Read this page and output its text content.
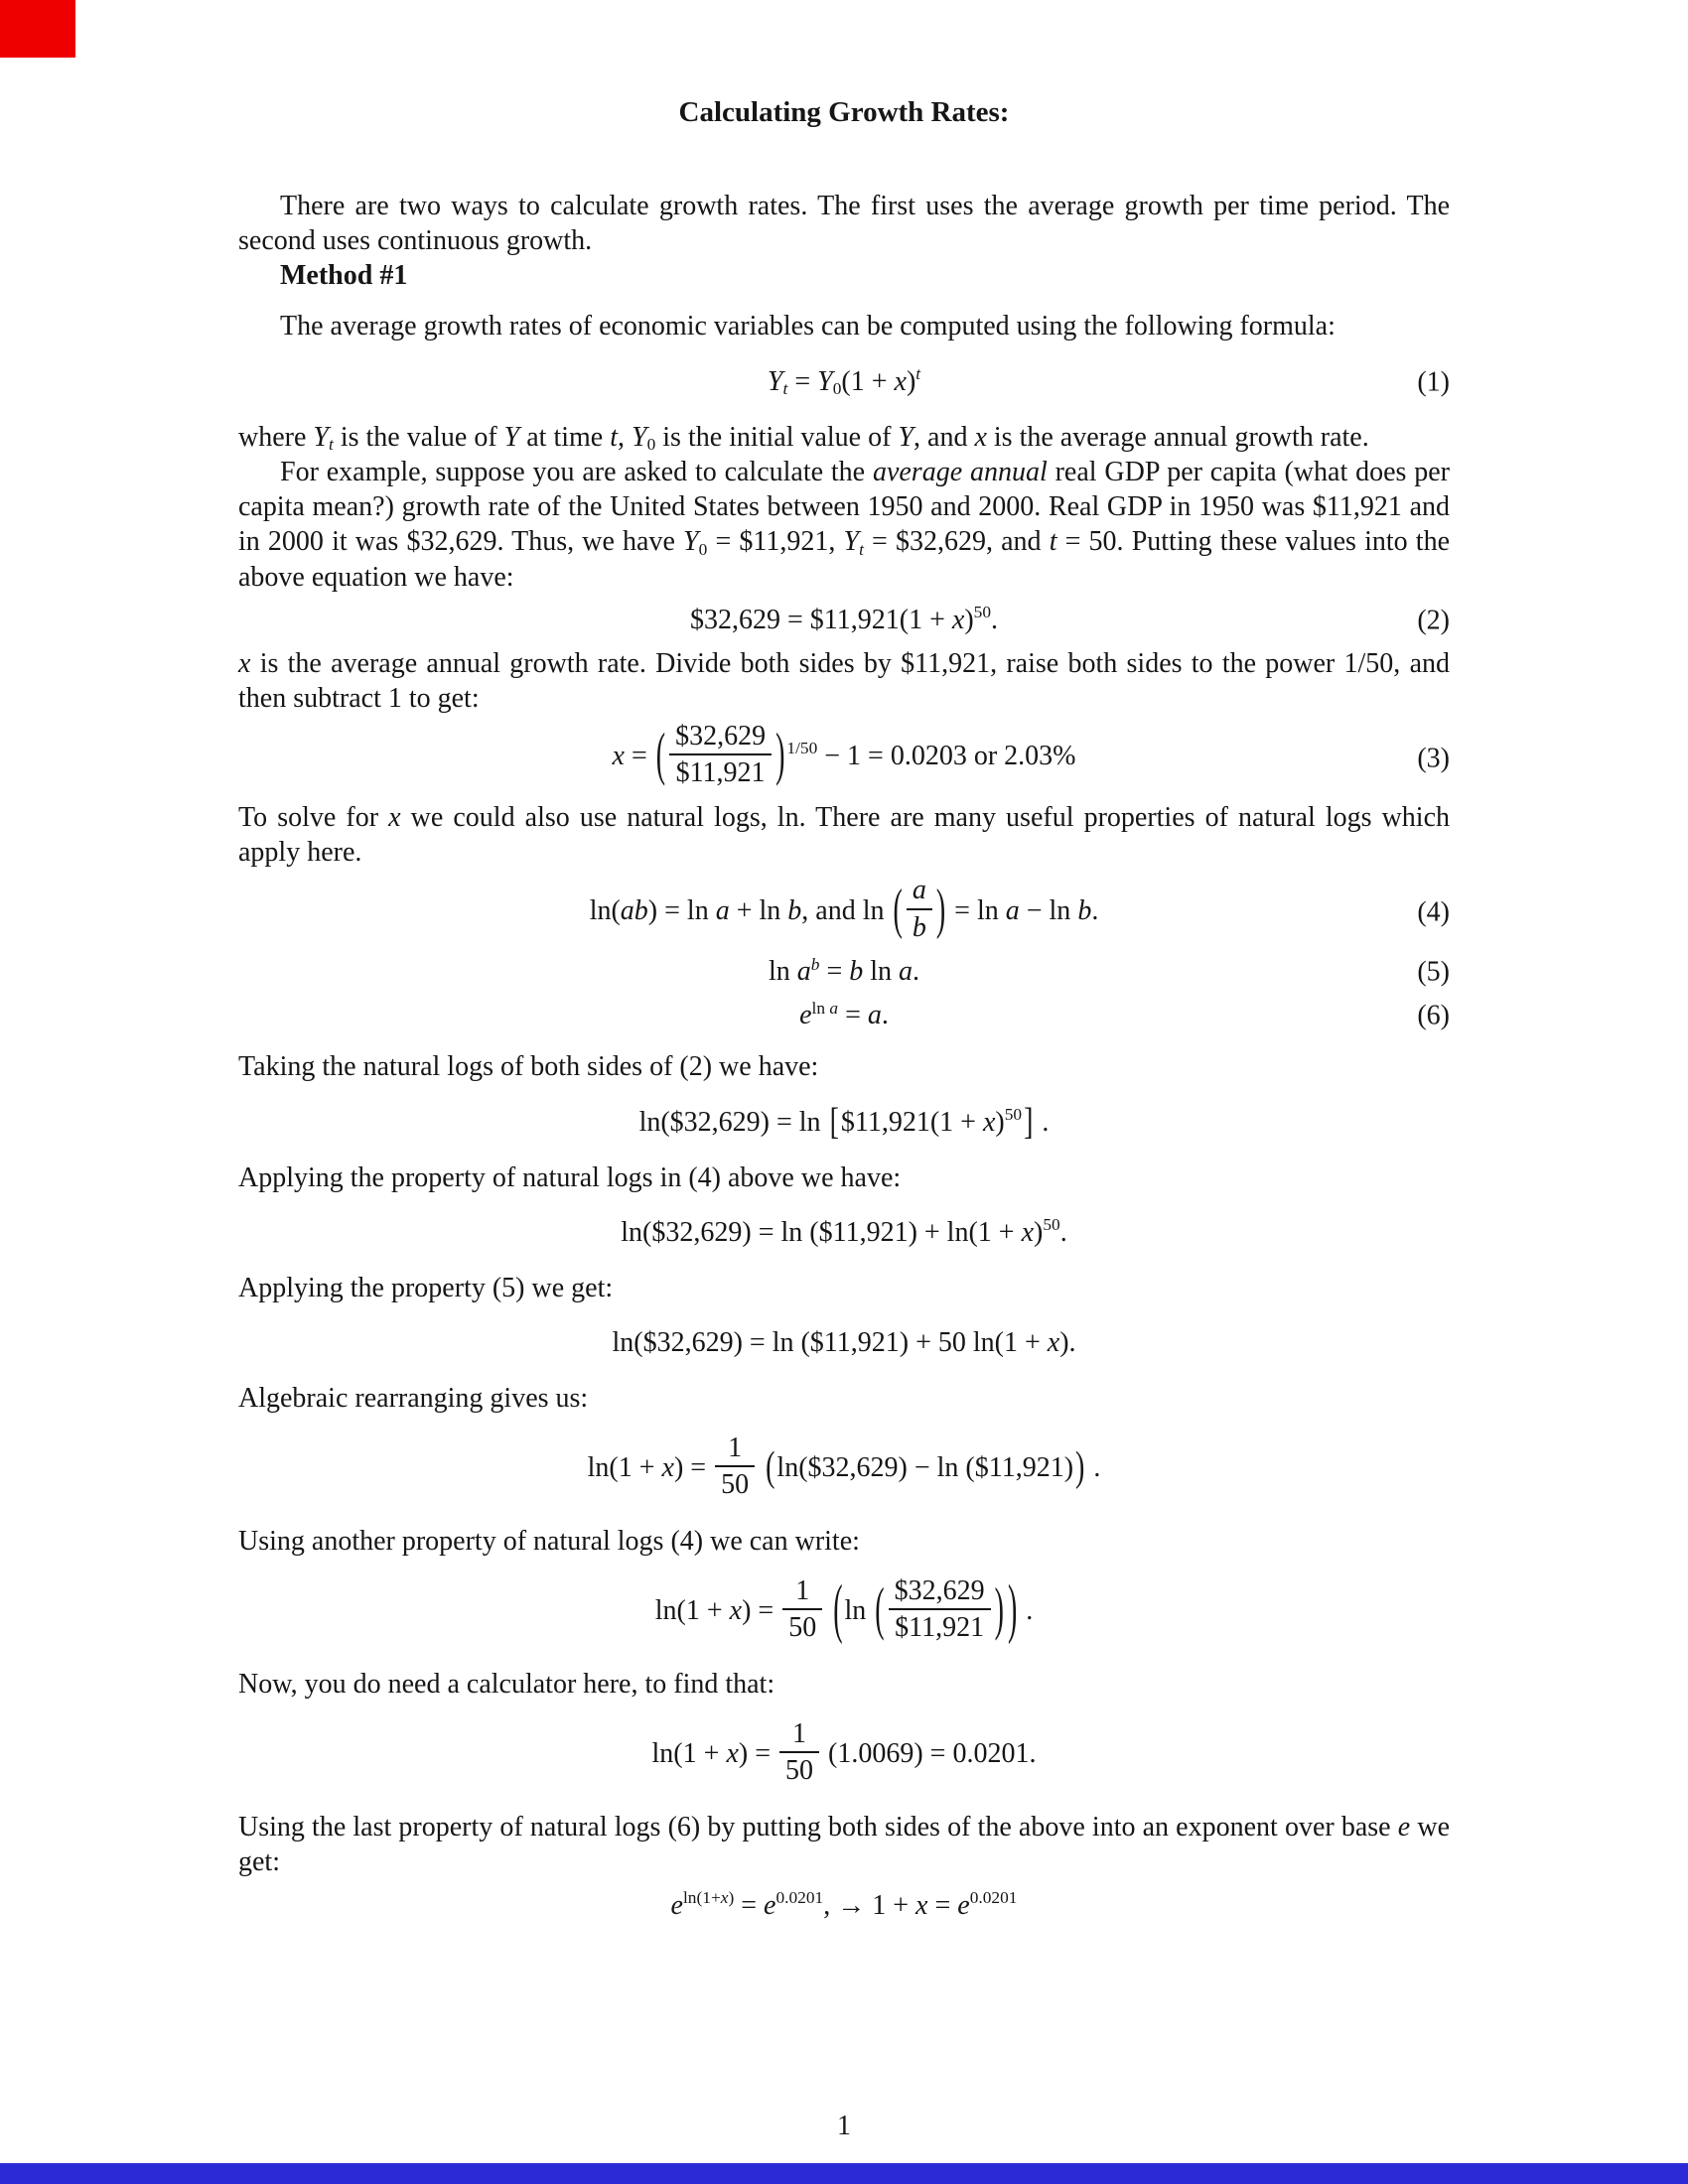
Calculating Growth Rates:

There are two ways to calculate growth rates. The first uses the average growth per time period. The second uses continuous growth.

Method #1

The average growth rates of economic variables can be computed using the following formula:

$Y_t = Y_0(1 + x)^t$	(1)

where $Y_t$ is the value of Y at time t, $Y_0$ is the initial value of Y, and x is the average annual growth rate.

For example, suppose you are asked to calculate the average annual real GDP per capita (what does per capita mean?) growth rate of the United States between 1950 and 2000. Real GDP in 1950 was $11,921 and in 2000 it was $32,629. Thus, we have $Y_0$ = $11,921, $Y_t$ = $32,629, and t = 50. Putting these values into the above equation we have:

$32,629 = $11,921(1 + x)$^{50}$.	(2)

x is the average annual growth rate. Divide both sides by $11,921, raise both sides to the power 1/50, and then subtract 1 to get:

x = ( $\frac{\$32,629}{\$11,921}$ ) $^{1/50}$ − 1 = 0.0203 or 2.03%	(3)

To solve for x we could also use natural logs, ln. There are many useful properties of natural logs which apply here.

ln(ab) = ln a + ln b, and ln ( $\frac{a}{b}$ ) = ln a − ln b.	(4)
$\ln a^b = b$ ln a.	(5)
$e^{ln a} = a$.	(6)

Taking the natural logs of both sides of (2) we have:

ln($32,629) = ln [$11,921(1 + x)$^{50}$] .

Applying the property of natural logs in (4) above we have:

ln($32,629) = ln ($11,921) + $\ln(1 + x)^{50}$.

Applying the property (5) we get:

ln($32,629) = ln ($11,921) + 50 ln(1 + x).

Algebraic rearranging gives us:

$\ln(1 + x) = \frac{1}{50}$ (ln($32,629) − ln ($11,921)) .

Using another property of natural logs (4) we can write:

$\ln(1 + x) = \frac{1}{50} (\ln$ ( $\frac{\$32,629}{\$11,921}$ ) ) .

Now, you do need a calculator here, to find that:

$\ln(1 + x) = \frac{1}{50} (1.0069) = 0.0201$.

Using the last property of natural logs (6) by putting both sides of the above into an exponent over base e we get:

$e^{ln(1+x)} = e^{0.0201}$, → $1 + x = e^{0.0201}$
1
